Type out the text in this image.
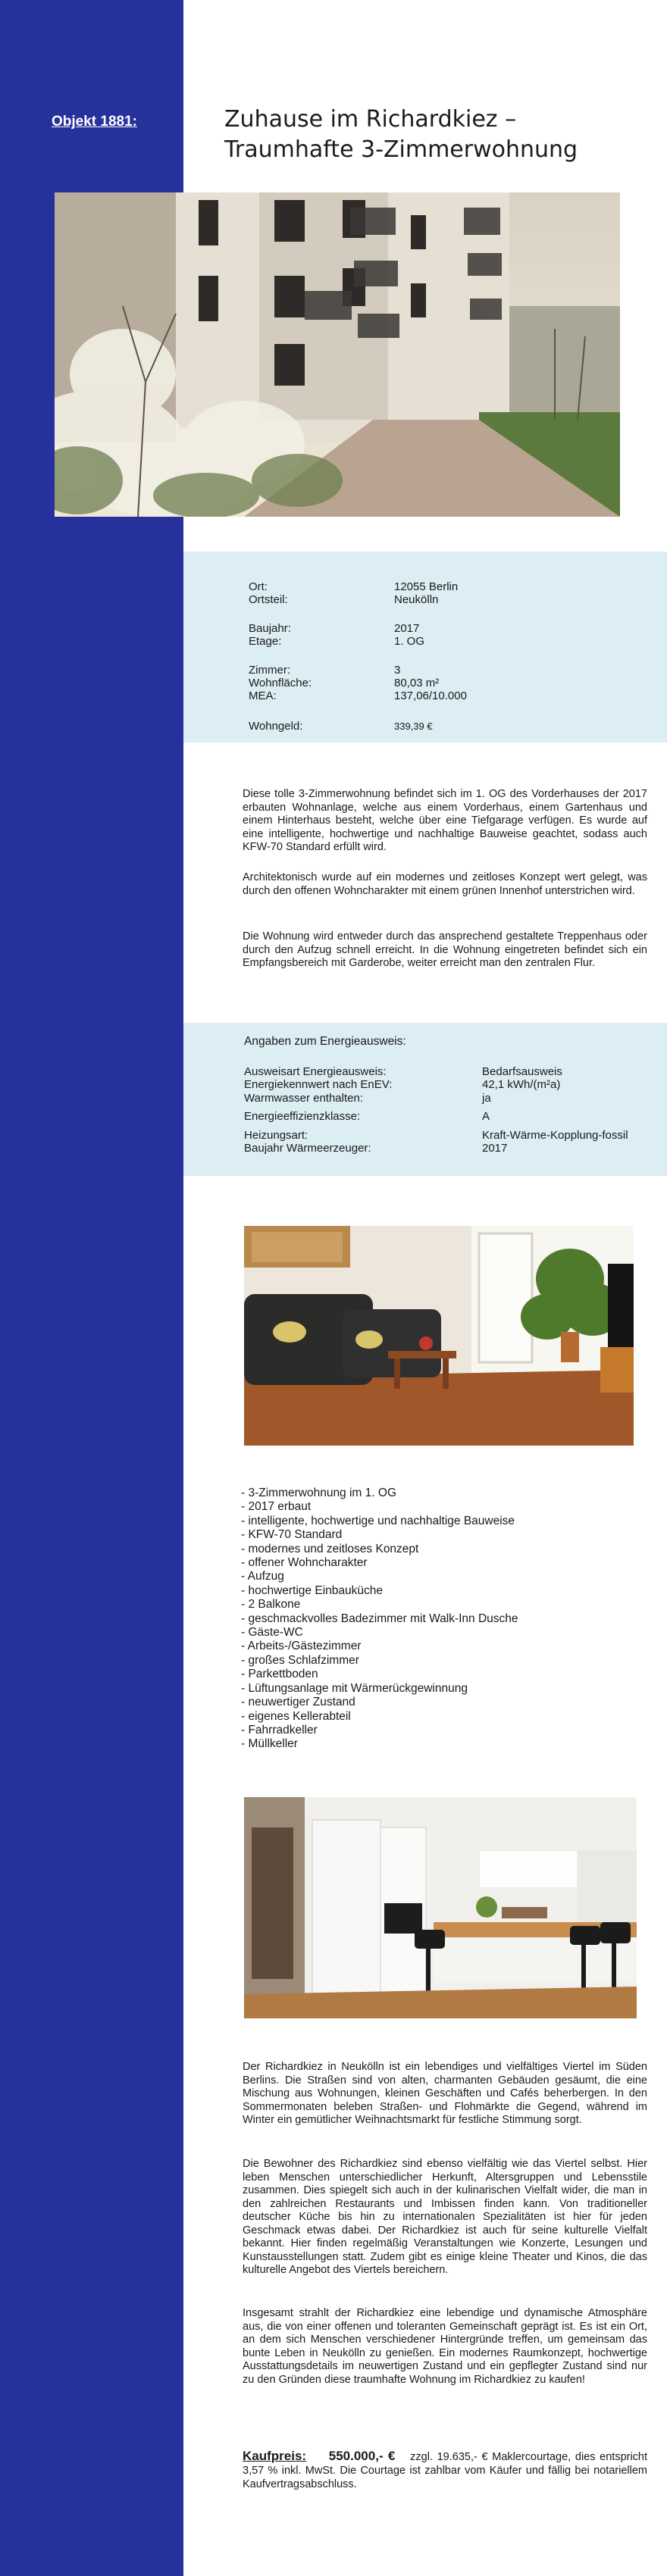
Objekt 1881:	Zuhause im Richardkiez –
Traumhafte 3-Zimmerwohnung
Ort:	12055 Berlin
Ortsteil:	Neukölln
Baujahr:	2017
Etage:	1. OG
Zimmer:	3
Wohnfläche:	80,03 m²
MEA:	137,06/10.000
Wohngeld:	339,39 €

Diese tolle 3-Zimmerwohnung befindet sich im 1. OG des Vorderhauses der 2017 erbauten Wohnanlage, welche aus einem Vorderhaus, einem Gartenhaus und einem Hinterhaus besteht, welche über eine Tiefgarage verfügen. Es wurde auf eine intelligente, hochwertige und nachhaltige Bauweise geachtet, sodass auch KFW-70 Standard erfüllt wird.

Architektonisch wurde auf ein modernes und zeitloses Konzept wert gelegt, was durch den offenen Wohncharakter mit einem grünen Innenhof unterstrichen wird.

Die Wohnung wird entweder durch das ansprechend gestaltete Treppenhaus oder durch den Aufzug schnell erreicht. In die Wohnung eingetreten befindet sich ein Empfangsbereich mit Garderobe, weiter erreicht man den zentralen Flur.

Angaben zum Energieausweis:
Ausweisart Energieausweis:	Bedarfsausweis
Energiekennwert nach EnEV:	42,1 kWh/(m²a)
Warmwasser enthalten:	ja
Energieeffizienzklasse:	A
Heizungsart:	Kraft-Wärme-Kopplung-fossil
Baujahr Wärmeerzeuger:	2017
- 3-Zimmerwohnung im 1. OG
- 2017 erbaut
- intelligente, hochwertige und nachhaltige Bauweise
- KFW-70 Standard
- modernes und zeitloses Konzept
- offener Wohncharakter
- Aufzug
- hochwertige Einbauküche
- 2 Balkone
- geschmackvolles Badezimmer mit Walk-Inn Dusche
- Gäste-WC
- Arbeits-/Gästezimmer
- großes Schlafzimmer
- Parkettboden
- Lüftungsanlage mit Wärmerückgewinnung
- neuwertiger Zustand
- eigenes Kellerabteil
- Fahrradkeller
- Müllkeller

Der Richardkiez in Neukölln ist ein lebendiges und vielfältiges Viertel im Süden Berlins. Die Straßen sind von alten, charmanten Gebäuden gesäumt, die eine Mischung aus Wohnungen, kleinen Geschäften und Cafés beherbergen. In den Sommermonaten beleben Straßen- und Flohmärkte die Gegend, während im Winter ein gemütlicher Weihnachtsmarkt für festliche Stimmung sorgt.

Die Bewohner des Richardkiez sind ebenso vielfältig wie das Viertel selbst. Hier leben Menschen unterschiedlicher Herkunft, Altersgruppen und Lebensstile zusammen. Dies spiegelt sich auch in der kulinarischen Vielfalt wider, die man in den zahlreichen Restaurants und Imbissen finden kann. Von traditioneller deutscher Küche bis hin zu internationalen Spezialitäten ist hier für jeden Geschmack etwas dabei. Der Richardkiez ist auch für seine kulturelle Vielfalt bekannt. Hier finden regelmäßig Veranstaltungen wie Konzerte, Lesungen und Kunstausstellungen statt. Zudem gibt es einige kleine Theater und Kinos, die das kulturelle Angebot des Viertels bereichern.

Insgesamt strahlt der Richardkiez eine lebendige und dynamische Atmosphäre aus, die von einer offenen und toleranten Gemeinschaft geprägt ist. Es ist ein Ort, an dem sich Menschen verschiedener Hintergründe treffen, um gemeinsam das bunte Leben in Neukölln zu genießen. Ein modernes Raumkonzept, hochwertige Ausstattungsdetails im neuwertigen Zustand und ein gepflegter Zustand sind nur zu den Gründen diese traumhafte Wohnung im Richardkiez zu kaufen!

Kaufpreis: 550.000,- € zzgl. 19.635,- € Maklercourtage, dies entspricht 3,57 % inkl. MwSt. Die Courtage ist zahlbar vom Käufer und fällig bei notariellem Kaufvertragsabschluss.
